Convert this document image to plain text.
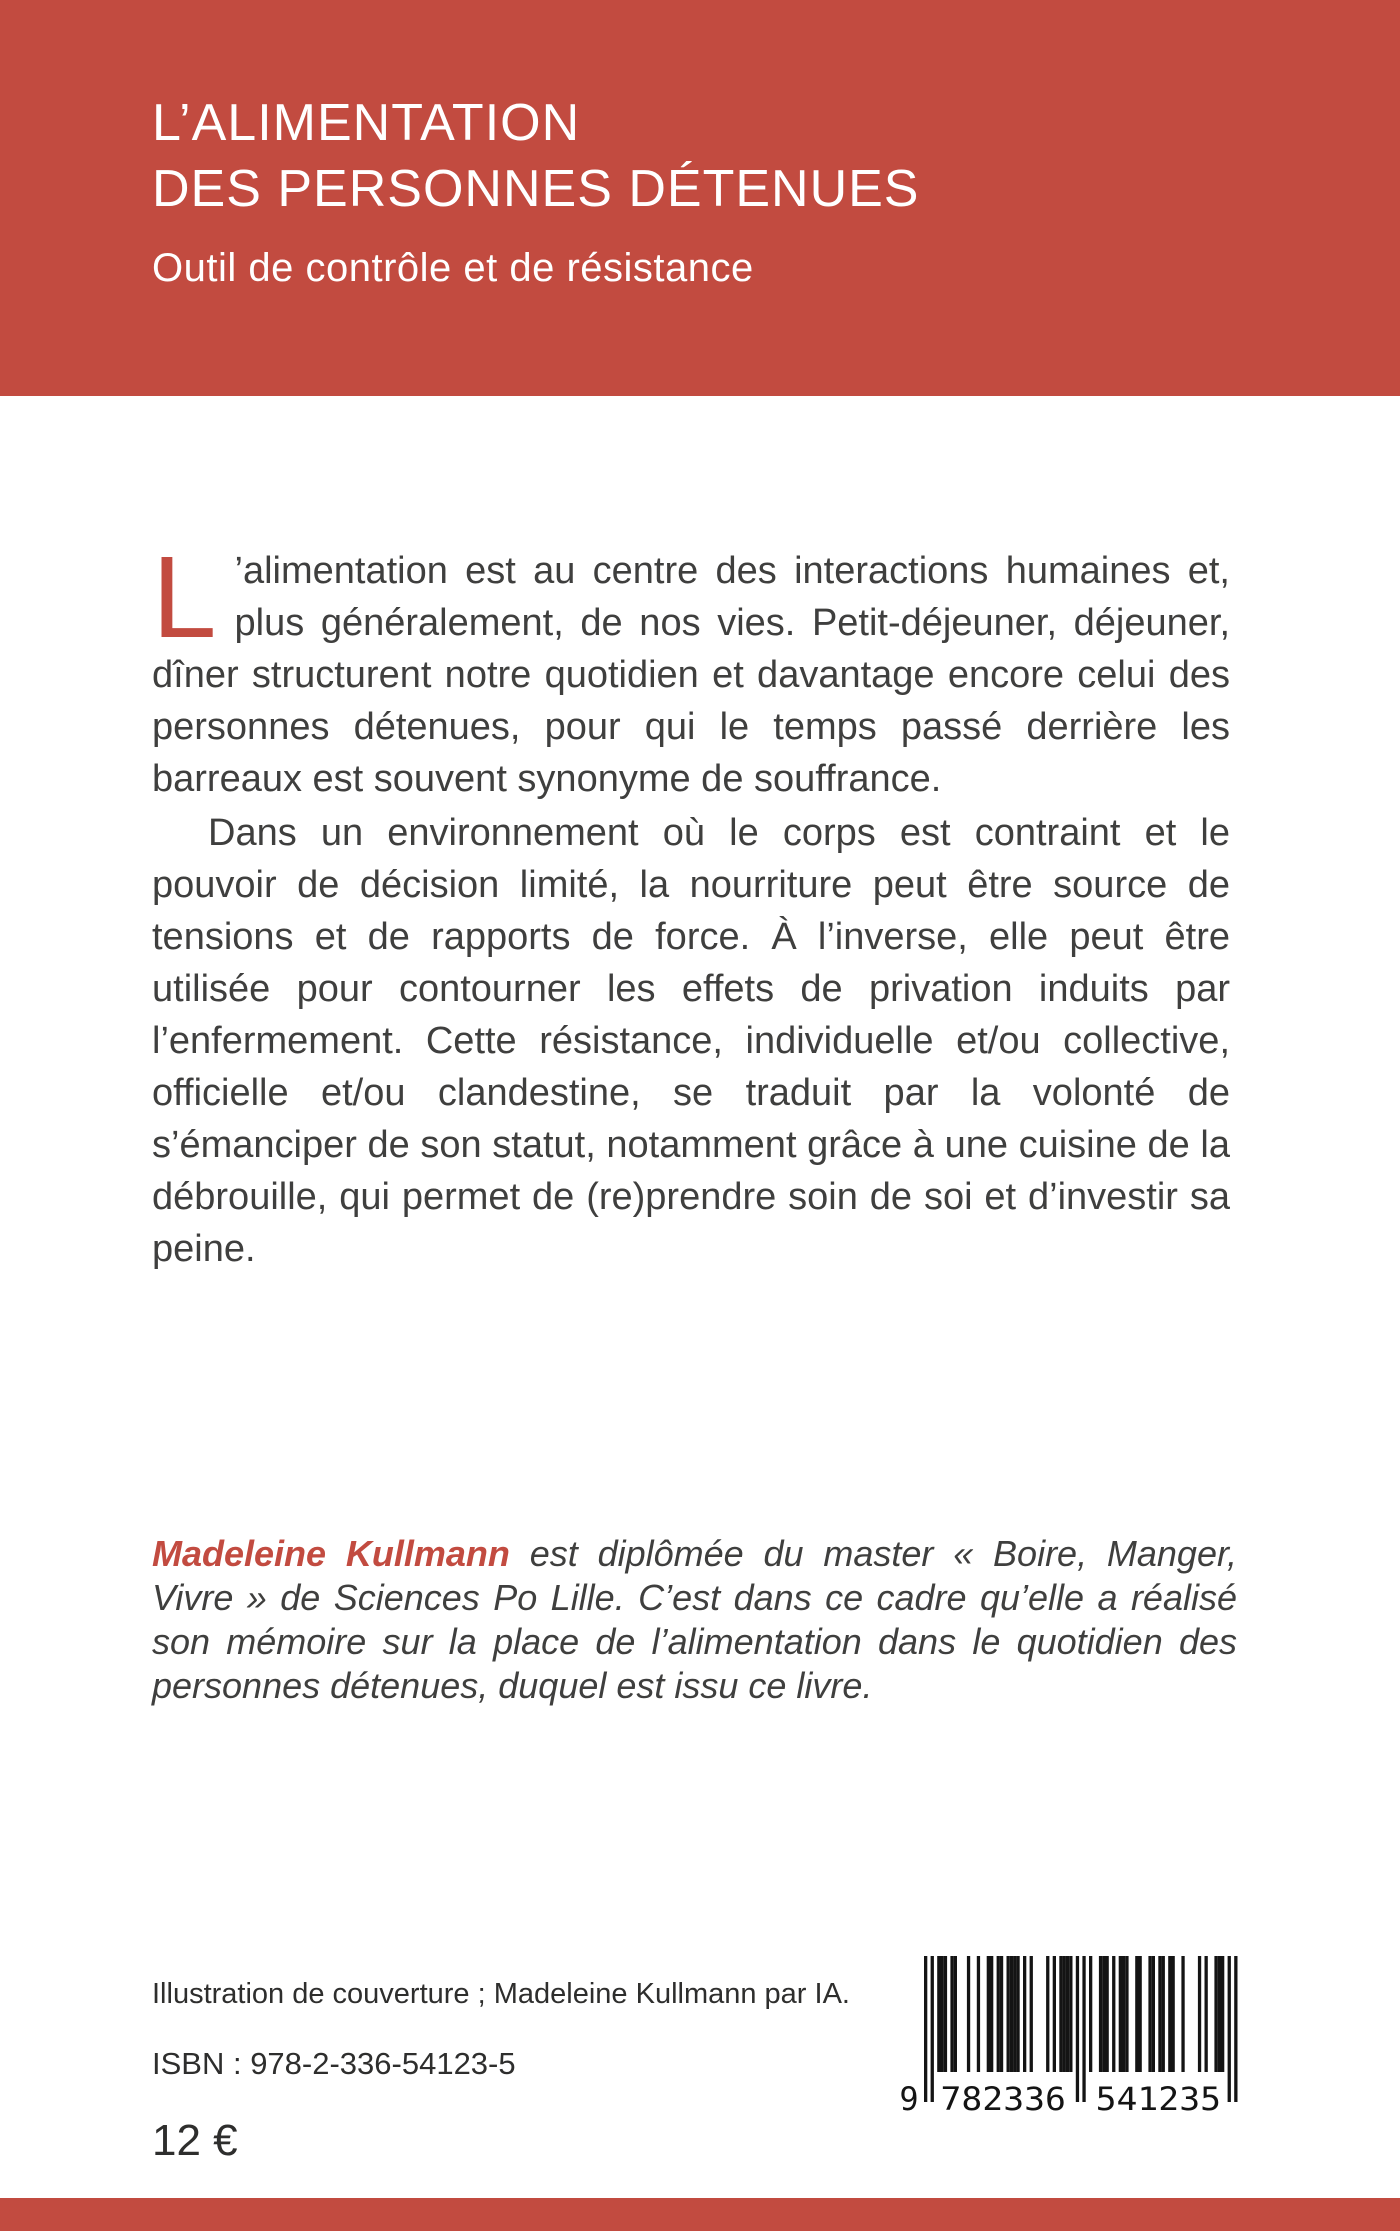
L’ALIMENTATION
DES PERSONNES DÉTENUES
Outil de contrôle et de résistance

L ’alimentation est au centre des interactions humaines et, plus généralement, de nos vies. Petit-déjeuner, déjeuner, dîner structurent notre quotidien et davantage encore celui des personnes détenues, pour qui le temps passé derrière les barreaux est souvent synonyme de souffrance.

Dans un environnement où le corps est contraint et le pouvoir de décision limité, la nourriture peut être source de tensions et de rapports de force. À l’inverse, elle peut être utilisée pour contourner les effets de privation induits par l’enfermement. Cette résistance, individuelle et/ou collective, officielle et/ou clandestine, se traduit par la volonté de s’émanciper de son statut, notamment grâce à une cuisine de la débrouille, qui permet de (re)prendre soin de soi et d’investir sa peine.

Madeleine Kullmann est diplômée du master « Boire, Manger, Vivre » de Sciences Po Lille. C’est dans ce cadre qu’elle a réalisé son mémoire sur la place de l’alimentation dans le quotidien des personnes détenues, duquel est issu ce livre.

Illustration de couverture ; Madeleine Kullmann par IA.
ISBN : 978-2-336-54123-5
12 €
9 782336 541235
